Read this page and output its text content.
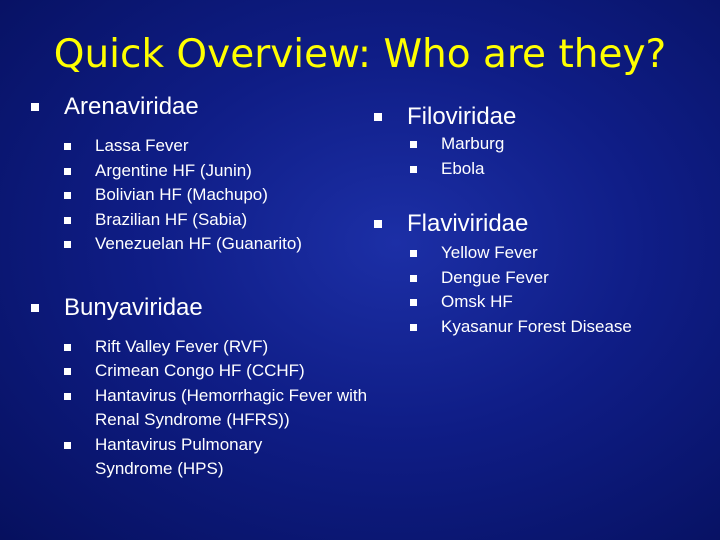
Quick Overview: Who are they?
Arenaviridae
Lassa Fever
Argentine HF (Junin)
Bolivian HF (Machupo)
Brazilian HF (Sabia)
Venezuelan HF (Guanarito)
Bunyaviridae
Rift Valley Fever (RVF)
Crimean Congo HF (CCHF)
Hantavirus (Hemorrhagic Fever with Renal Syndrome (HFRS))
Hantavirus Pulmonary Syndrome (HPS)
Filoviridae
Marburg
Ebola
Flaviviridae
Yellow Fever
Dengue Fever
Omsk HF
Kyasanur Forest Disease
